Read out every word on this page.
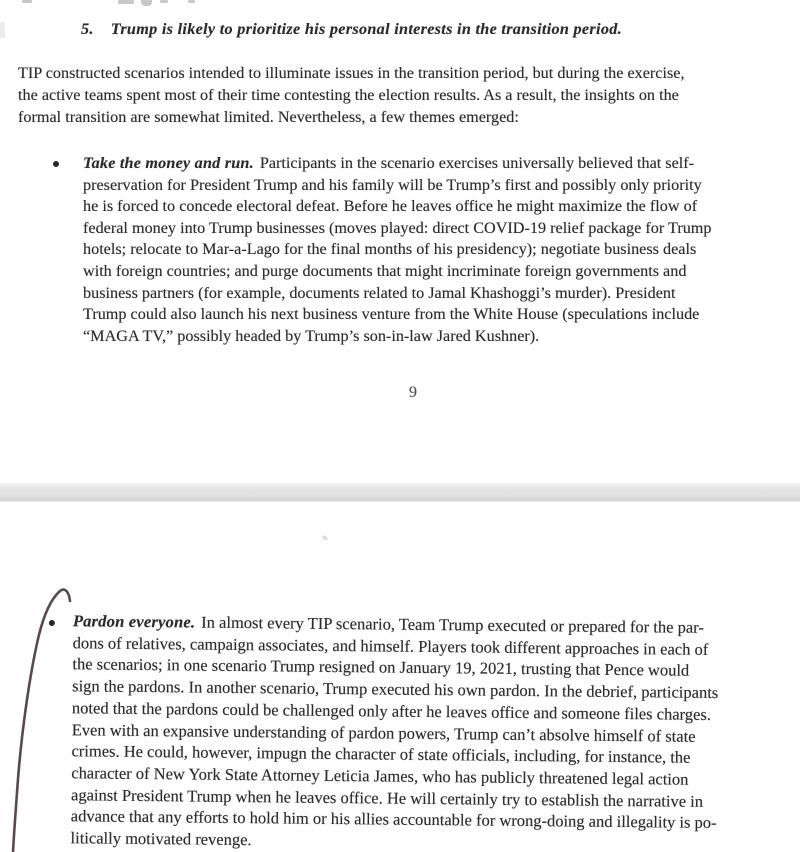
5. Trump is likely to prioritize his personal interests in the transition period.
TIP constructed scenarios intended to illuminate issues in the transition period, but during the exercise,
the active teams spent most of their time contesting the election results. As a result, the insights on the
formal transition are somewhat limited. Nevertheless, a few themes emerged:
Take the money and run. Participants in the scenario exercises universally believed that self-
preservation for President Trump and his family will be Trump’s first and possibly only priority
he is forced to concede electoral defeat. Before he leaves office he might maximize the flow of
federal money into Trump businesses (moves played: direct COVID-19 relief package for Trump
hotels; relocate to Mar-a-Lago for the final months of his presidency); negotiate business deals
with foreign countries; and purge documents that might incriminate foreign governments and
business partners (for example, documents related to Jamal Khashoggi’s murder). President
Trump could also launch his next business venture from the White House (speculations include
“MAGA TV,” possibly headed by Trump’s son-in-law Jared Kushner).
9
Pardon everyone. In almost every TIP scenario, Team Trump executed or prepared for the par-
dons of relatives, campaign associates, and himself. Players took different approaches in each of
the scenarios; in one scenario Trump resigned on January 19, 2021, trusting that Pence would
sign the pardons. In another scenario, Trump executed his own pardon. In the debrief, participants
noted that the pardons could be challenged only after he leaves office and someone files charges.
Even with an expansive understanding of pardon powers, Trump can’t absolve himself of state
crimes. He could, however, impugn the character of state officials, including, for instance, the
character of New York State Attorney Leticia James, who has publicly threatened legal action
against President Trump when he leaves office. He will certainly try to establish the narrative in
advance that any efforts to hold him or his allies accountable for wrong-doing and illegality is po-
litically motivated revenge.
